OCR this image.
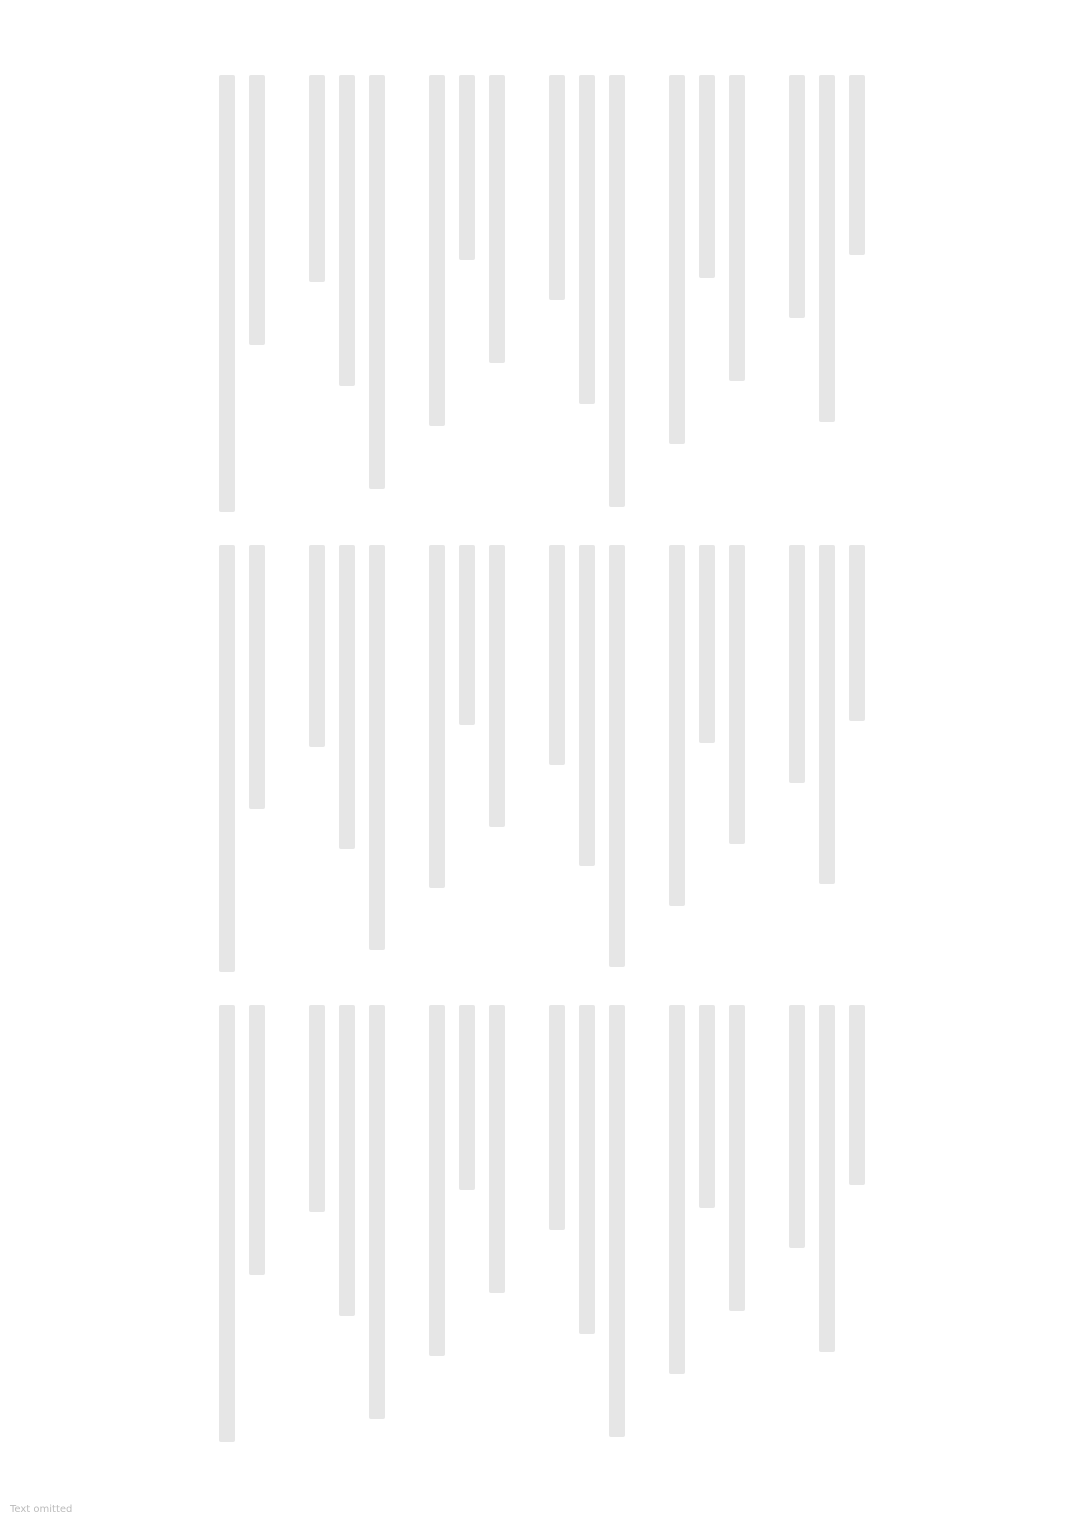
Text omitted
